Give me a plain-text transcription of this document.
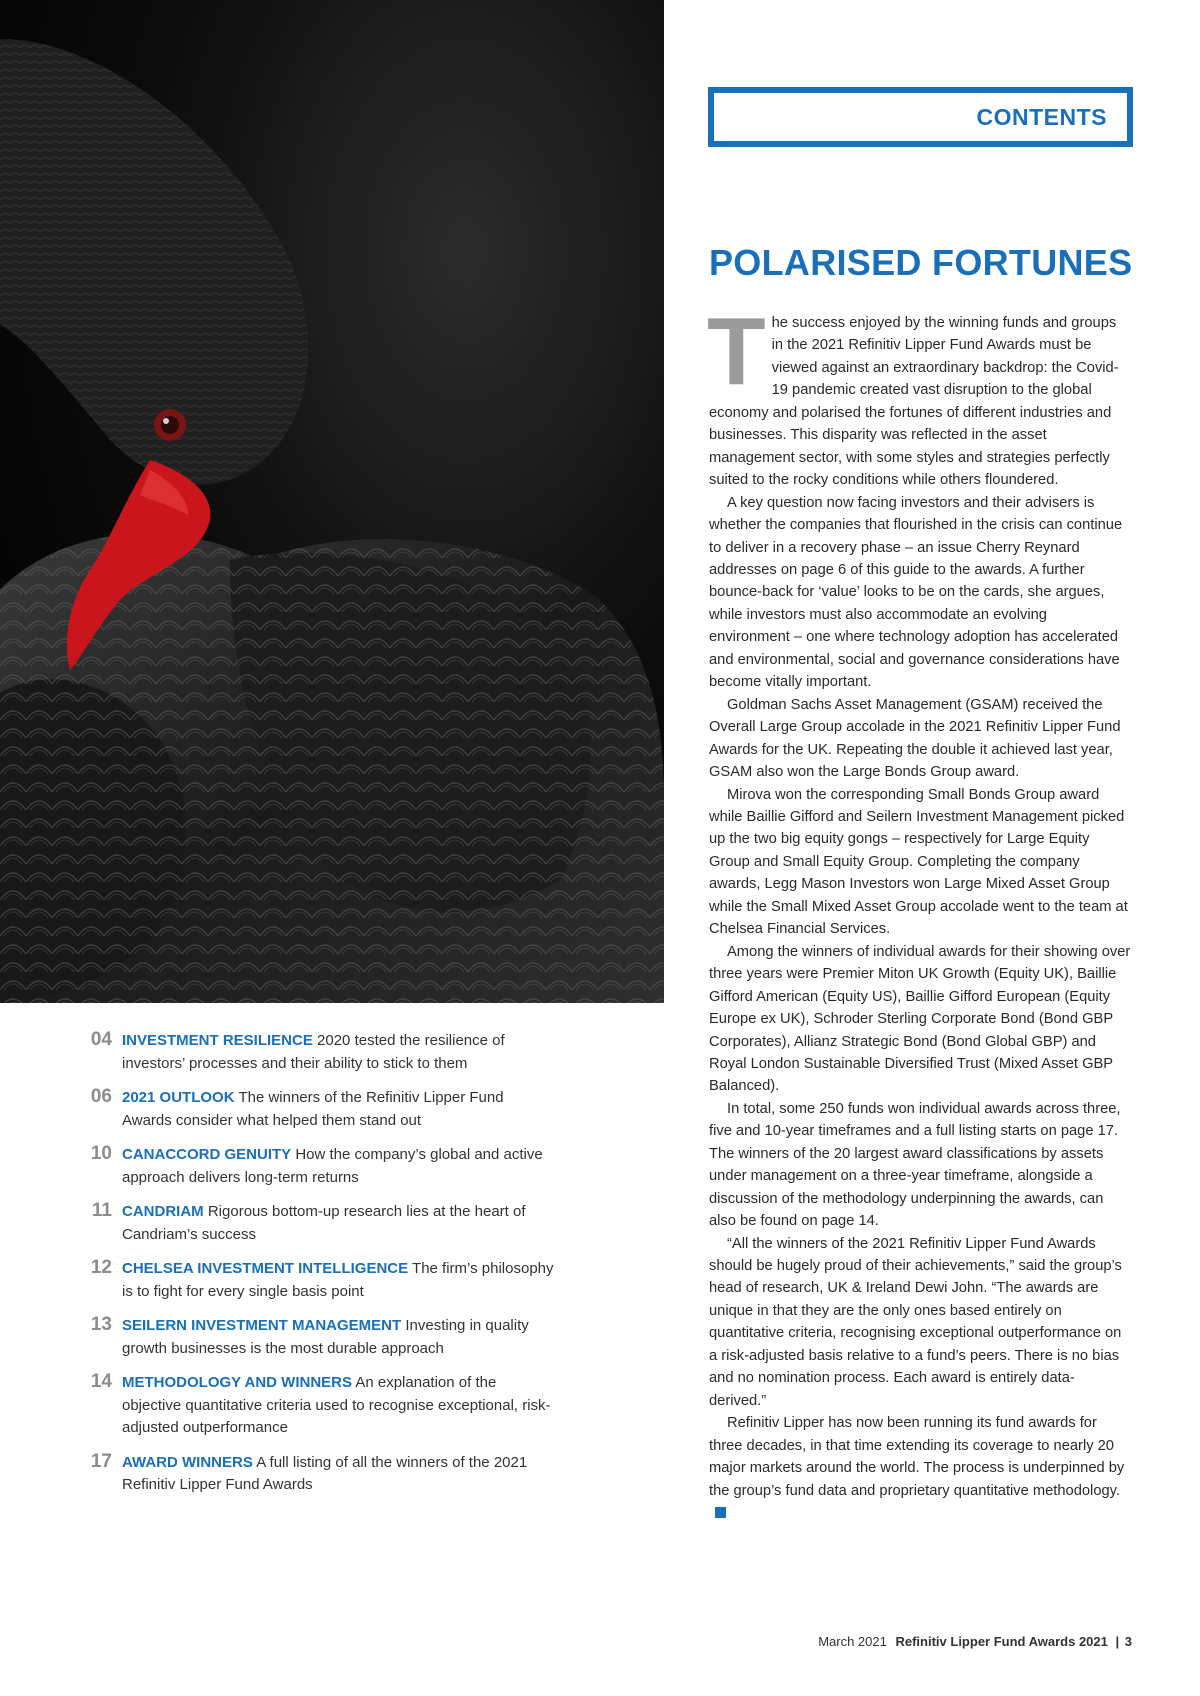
CONTENTS
POLARISED FORTUNES

The success enjoyed by the winning funds and groups in the 2021 Refinitiv Lipper Fund Awards must be viewed against an extraordinary backdrop: the Covid-19 pandemic created vast disruption to the global economy and polarised the fortunes of different industries and businesses. This disparity was reflected in the asset management sector, with some styles and strategies perfectly suited to the rocky conditions while others floundered.

A key question now facing investors and their advisers is whether the companies that flourished in the crisis can continue to deliver in a recovery phase – an issue Cherry Reynard addresses on page 6 of this guide to the awards. A further bounce-back for ‘value’ looks to be on the cards, she argues, while investors must also accommodate an evolving environment – one where technology adoption has accelerated and environmental, social and governance considerations have become vitally important.

Goldman Sachs Asset Management (GSAM) received the Overall Large Group accolade in the 2021 Refinitiv Lipper Fund Awards for the UK. Repeating the double it achieved last year, GSAM also won the Large Bonds Group award.

Mirova won the corresponding Small Bonds Group award while Baillie Gifford and Seilern Investment Management picked up the two big equity gongs – respectively for Large Equity Group and Small Equity Group. Completing the company awards, Legg Mason Investors won Large Mixed Asset Group while the Small Mixed Asset Group accolade went to the team at Chelsea Financial Services.

Among the winners of individual awards for their showing over three years were Premier Miton UK Growth (Equity UK), Baillie Gifford American (Equity US), Baillie Gifford European (Equity Europe ex UK), Schroder Sterling Corporate Bond (Bond GBP Corporates), Allianz Strategic Bond (Bond Global GBP) and Royal London Sustainable Diversified Trust (Mixed Asset GBP Balanced).

In total, some 250 funds won individual awards across three, five and 10-year timeframes and a full listing starts on page 17. The winners of the 20 largest award classifications by assets under management on a three-year timeframe, alongside a discussion of the methodology underpinning the awards, can also be found on page 14.

“All the winners of the 2021 Refinitiv Lipper Fund Awards should be hugely proud of their achievements,” said the group’s head of research, UK & Ireland Dewi John. “The awards are unique in that they are the only ones based entirely on quantitative criteria, recognising exceptional outperformance on a risk-adjusted basis relative to a fund’s peers. There is no bias and no nomination process. Each award is entirely data-derived.”

Refinitiv Lipper has now been running its fund awards for three decades, in that time extending its coverage to nearly 20 major markets around the world. The process is underpinned by the group’s fund data and proprietary quantitative methodology.

04 INVESTMENT RESILIENCE 2020 tested the resilience of investors’ processes and their ability to stick to them
06 2021 OUTLOOK The winners of the Refinitiv Lipper Fund Awards consider what helped them stand out
10 CANACCORD GENUITY How the company’s global and active approach delivers long-term returns
11 CANDRIAM Rigorous bottom-up research lies at the heart of Candriam’s success
12 CHELSEA INVESTMENT INTELLIGENCE The firm’s philosophy is to fight for every single basis point
13 SEILERN INVESTMENT MANAGEMENT Investing in quality growth businesses is the most durable approach
14 METHODOLOGY AND WINNERS An explanation of the objective quantitative criteria used to recognise exceptional, risk-adjusted outperformance
17 AWARD WINNERS A full listing of all the winners of the 2021 Refinitiv Lipper Fund Awards
March 2021 Refinitiv Lipper Fund Awards 2021 | 3
